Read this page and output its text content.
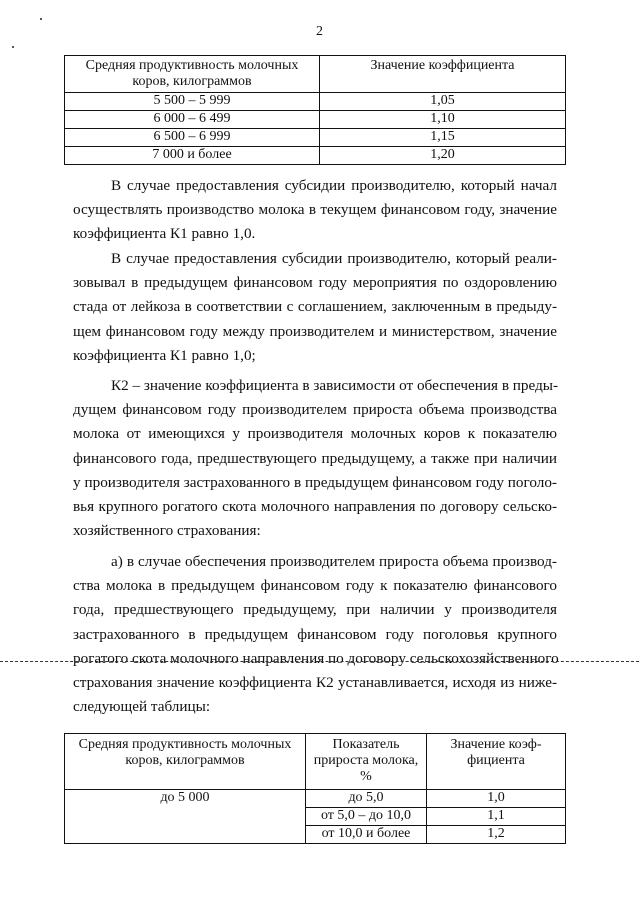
2
Средняя продуктивность молочных коров, килограммов	Значение коэффициента
5 500 – 5 999	1,05
6 000 – 6 499	1,10
6 500 – 6 999	1,15
7 000 и более	1,20
В случае предоставления субсидии производителю, который начал
осуществлять производство молока в текущем финансовом году, значение
коэффициента К1 равно 1,0.
В случае предоставления субсидии производителю, который реали-
зовывал в предыдущем финансовом году мероприятия по оздоровлению
стада от лейкоза в соответствии с соглашением, заключенным в предыду-
щем финансовом году между производителем и министерством, значение
коэффициента К1 равно 1,0;
К2 – значение коэффициента в зависимости от обеспечения в преды-
дущем финансовом году производителем прироста объема производства
молока от имеющихся у производителя молочных коров к показателю
финансового года, предшествующего предыдущему, а также при наличии
у производителя застрахованного в предыдущем финансовом году поголо-
вья крупного рогатого скота молочного направления по договору сельско-
хозяйственного страхования:
а) в случае обеспечения производителем прироста объема производ-
ства молока в предыдущем финансовом году к показателю финансового
года, предшествующего предыдущему, при наличии у производителя
застрахованного в предыдущем финансовом году поголовья крупного
рогатого скота молочного направления по договору сельскохозяйственного
страхования значение коэффициента К2 устанавливается, исходя из ниже-
следующей таблицы:
Средняя продуктивность молочных коров, килограммов	Показатель прироста молока, %	Значение коэф-фициента
до 5 000	до 5,0	1,0
	от 5,0 – до 10,0	1,1
	от 10,0 и более	1,2
